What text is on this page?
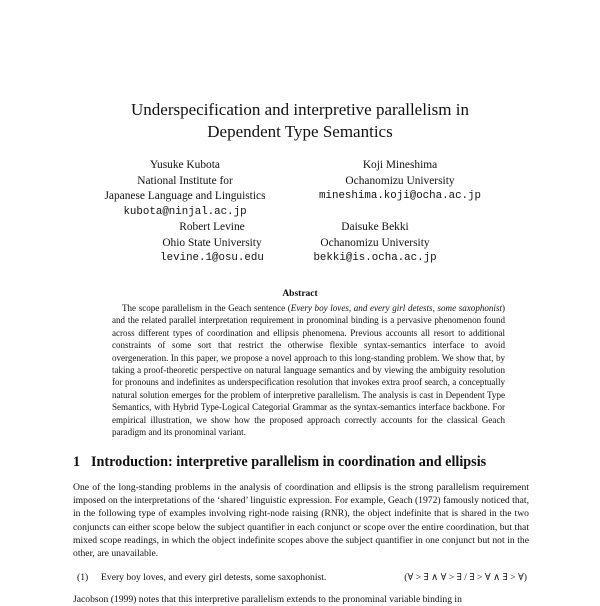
Underspecification and interpretive parallelism in
Dependent Type Semantics
Yusuke Kubota
National Institute for
Japanese Language and Linguistics
kubota@ninjal.ac.jp
Koji Mineshima
Ochanomizu University
mineshima.koji@ocha.ac.jp
Robert Levine
Ohio State University
levine.1@osu.edu
Daisuke Bekki
Ochanomizu University
bekki@is.ocha.ac.jp
Abstract

The scope parallelism in the Geach sentence (Every boy loves, and every girl detests, some saxophonist) and the related parallel interpretation requirement in pronominal binding is a pervasive phenomenon found across different types of coordination and ellipsis phenomena. Previous accounts all resort to additional constraints of some sort that restrict the otherwise flexible syntax-semantics interface to avoid overgeneration. In this paper, we propose a novel approach to this long-standing problem. We show that, by taking a proof-theoretic perspective on natural language semantics and by viewing the ambiguity resolution for pronouns and indefinites as underspecification resolution that invokes extra proof search, a conceptually natural solution emerges for the problem of interpretive parallelism. The analysis is cast in Dependent Type Semantics, with Hybrid Type-Logical Categorial Grammar as the syntax-semantics interface backbone. For empirical illustration, we show how the proposed approach correctly accounts for the classical Geach paradigm and its pronominal variant.

1 Introduction: interpretive parallelism in coordination and ellipsis

One of the long-standing problems in the analysis of coordination and ellipsis is the strong parallelism requirement imposed on the interpretations of the ‘shared’ linguistic expression. For example, Geach (1972) famously noticed that, in the following type of examples involving right-node raising (RNR), the object indefinite that is shared in the two conjuncts can either scope below the subject quantifier in each conjunct or scope over the entire coordination, but that mixed scope readings, in which the object indefinite scopes above the subject quantifier in one conjunct but not in the other, are unavailable.

(1) Every boy loves, and every girl detests, some saxophonist.	(∀ > ∃ ∧ ∀ > ∃ / ∃ > ∀ ∧ ∃ > ∀)
Jacobson (1999) notes that this interpretive parallelism extends to the pronominal variable binding in
